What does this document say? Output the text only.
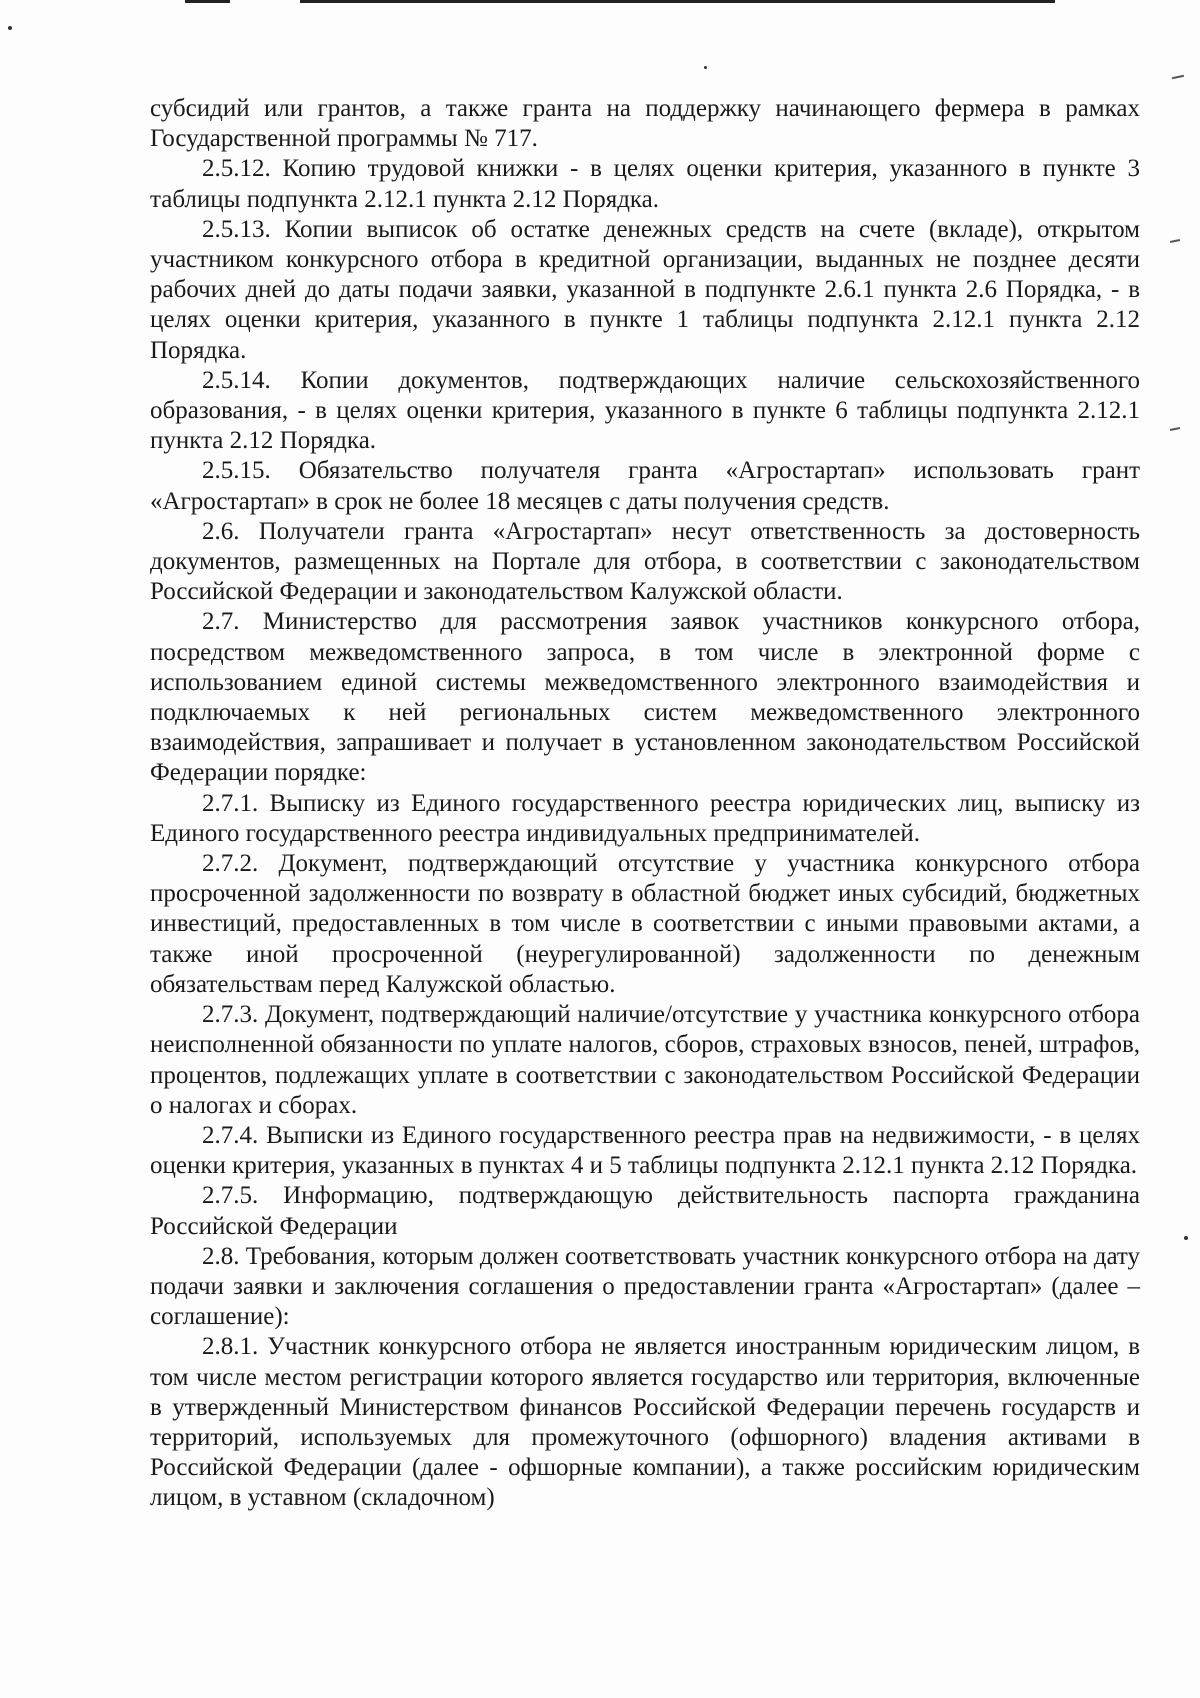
субсидий или грантов, а также гранта на поддержку начинающего фермера в рамках Государственной программы № 717.

2.5.12. Копию трудовой книжки - в целях оценки критерия, указанного в пункте 3 таблицы подпункта 2.12.1 пункта 2.12 Порядка.

2.5.13. Копии выписок об остатке денежных средств на счете (вкладе), открытом участником конкурсного отбора в кредитной организации, выданных не позднее десяти рабочих дней до даты подачи заявки, указанной в подпункте 2.6.1 пункта 2.6 Порядка, - в целях оценки критерия, указанного в пункте 1 таблицы подпункта 2.12.1 пункта 2.12 Порядка.

2.5.14. Копии документов, подтверждающих наличие сельскохозяйственного образования, - в целях оценки критерия, указанного в пункте 6 таблицы подпункта 2.12.1 пункта 2.12 Порядка.

2.5.15. Обязательство получателя гранта «Агростартап» использовать грант «Агростартап» в срок не более 18 месяцев с даты получения средств.

2.6. Получатели гранта «Агростартап» несут ответственность за достоверность документов, размещенных на Портале для отбора, в соответствии с законодательством Российской Федерации и законодательством Калужской области.

2.7. Министерство для рассмотрения заявок участников конкурсного отбора, посредством межведомственного запроса, в том числе в электронной форме с использованием единой системы межведомственного электронного взаимодействия и подключаемых к ней региональных систем межведомственного электронного взаимодействия, запрашивает и получает в установленном законодательством Российской Федерации порядке:

2.7.1. Выписку из Единого государственного реестра юридических лиц, выписку из Единого государственного реестра индивидуальных предпринимателей.

2.7.2. Документ, подтверждающий отсутствие у участника конкурсного отбора просроченной задолженности по возврату в областной бюджет иных субсидий, бюджетных инвестиций, предоставленных в том числе в соответствии с иными правовыми актами, а также иной просроченной (неурегулированной) задолженности по денежным обязательствам перед Калужской областью.

2.7.3. Документ, подтверждающий наличие/отсутствие у участника конкурсного отбора неисполненной обязанности по уплате налогов, сборов, страховых взносов, пеней, штрафов, процентов, подлежащих уплате в соответствии с законодательством Российской Федерации о налогах и сборах.

2.7.4. Выписки из Единого государственного реестра прав на недвижимости, - в целях оценки критерия, указанных в пунктах 4 и 5 таблицы подпункта 2.12.1 пункта 2.12 Порядка.

2.7.5. Информацию, подтверждающую действительность паспорта гражданина Российской Федерации

2.8. Требования, которым должен соответствовать участник конкурсного отбора на дату подачи заявки и заключения соглашения о предоставлении гранта «Агростартап» (далее – соглашение):

2.8.1. Участник конкурсного отбора не является иностранным юридическим лицом, в том числе местом регистрации которого является государство или территория, включенные в утвержденный Министерством финансов Российской Федерации перечень государств и территорий, используемых для промежуточного (офшорного) владения активами в Российской Федерации (далее - офшорные компании), а также российским юридическим лицом, в уставном (складочном)
